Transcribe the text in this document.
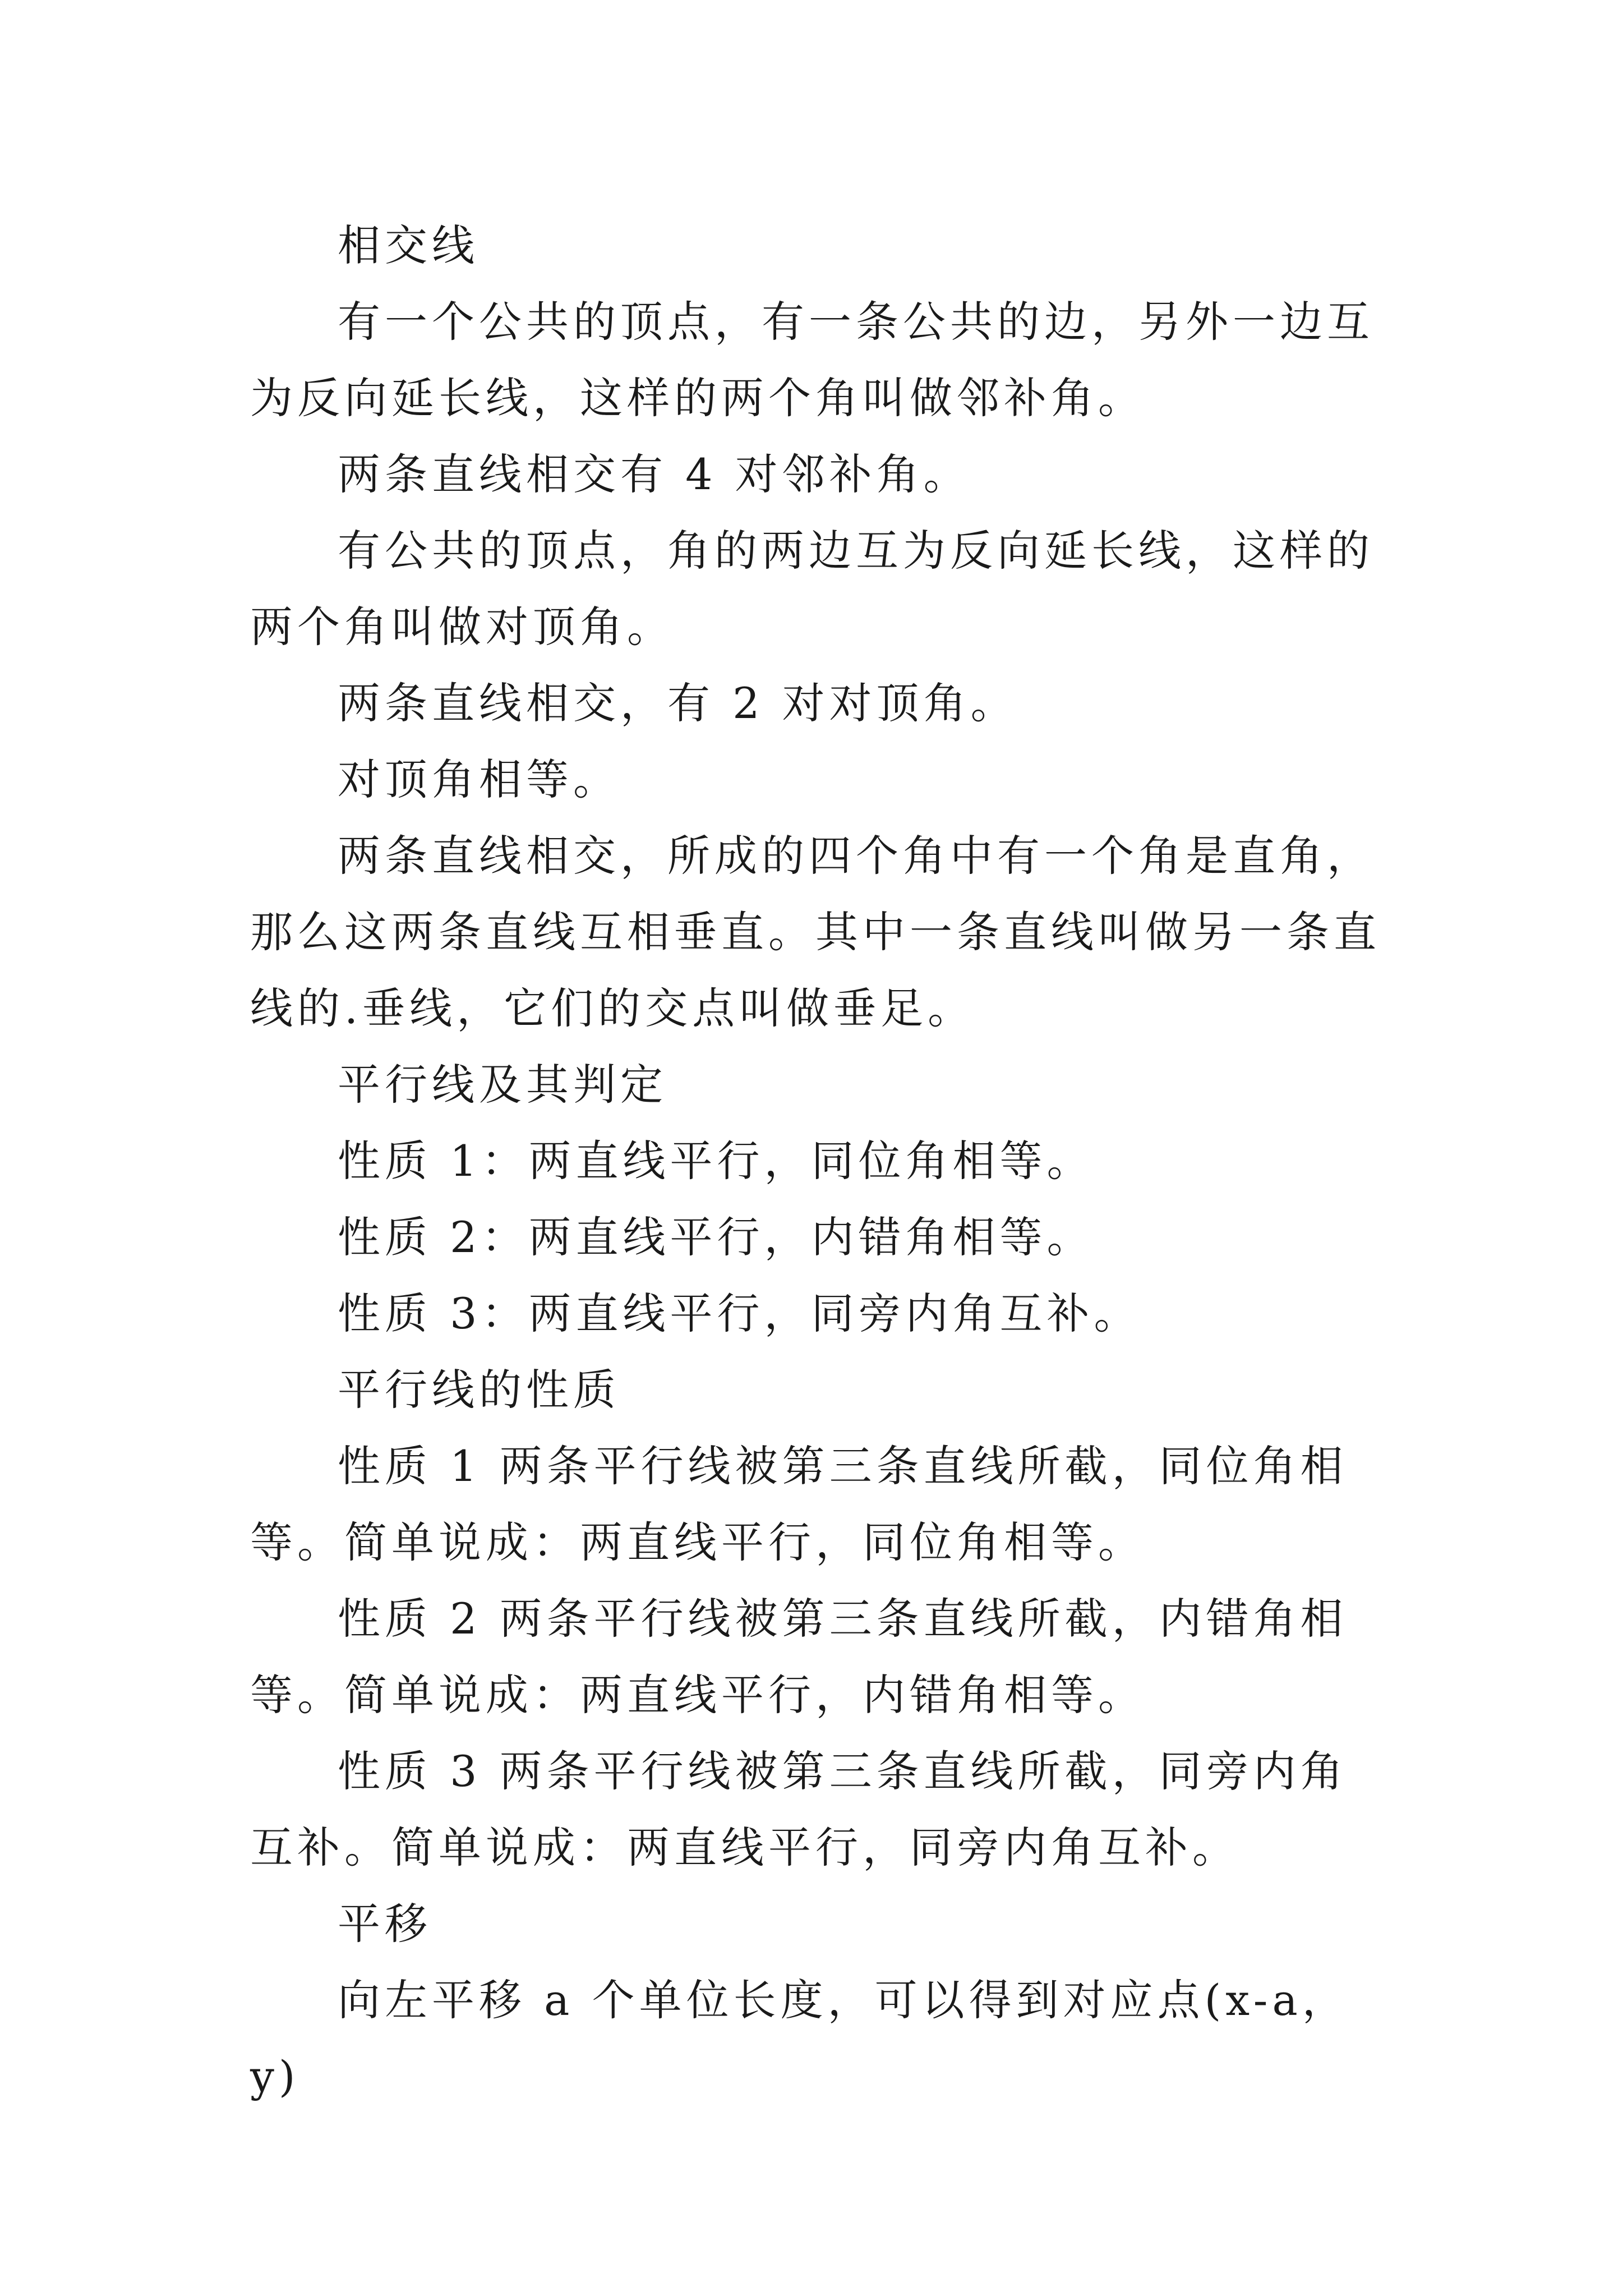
相交线

有一个公共的顶点，有一条公共的边，另外一边互为反向延长线，这样的两个角叫做邻补角。

两条直线相交有 4 对邻补角。

有公共的顶点，角的两边互为反向延长线，这样的两个角叫做对顶角。

两条直线相交，有 2 对对顶角。

对顶角相等。

两条直线相交，所成的四个角中有一个角是直角，那么这两条直线互相垂直。其中一条直线叫做另一条直线的.垂线，它们的交点叫做垂足。

平行线及其判定

性质 1：两直线平行，同位角相等。

性质 2：两直线平行，内错角相等。

性质 3：两直线平行，同旁内角互补。

平行线的性质

性质 1 两条平行线被第三条直线所截，同位角相等。简单说成：两直线平行，同位角相等。

性质 2 两条平行线被第三条直线所截，内错角相等。简单说成：两直线平行，内错角相等。

性质 3 两条平行线被第三条直线所截，同旁内角互补。简单说成：两直线平行，同旁内角互补。

平移

向左平移 a 个单位长度，可以得到对应点(x-a，y)
